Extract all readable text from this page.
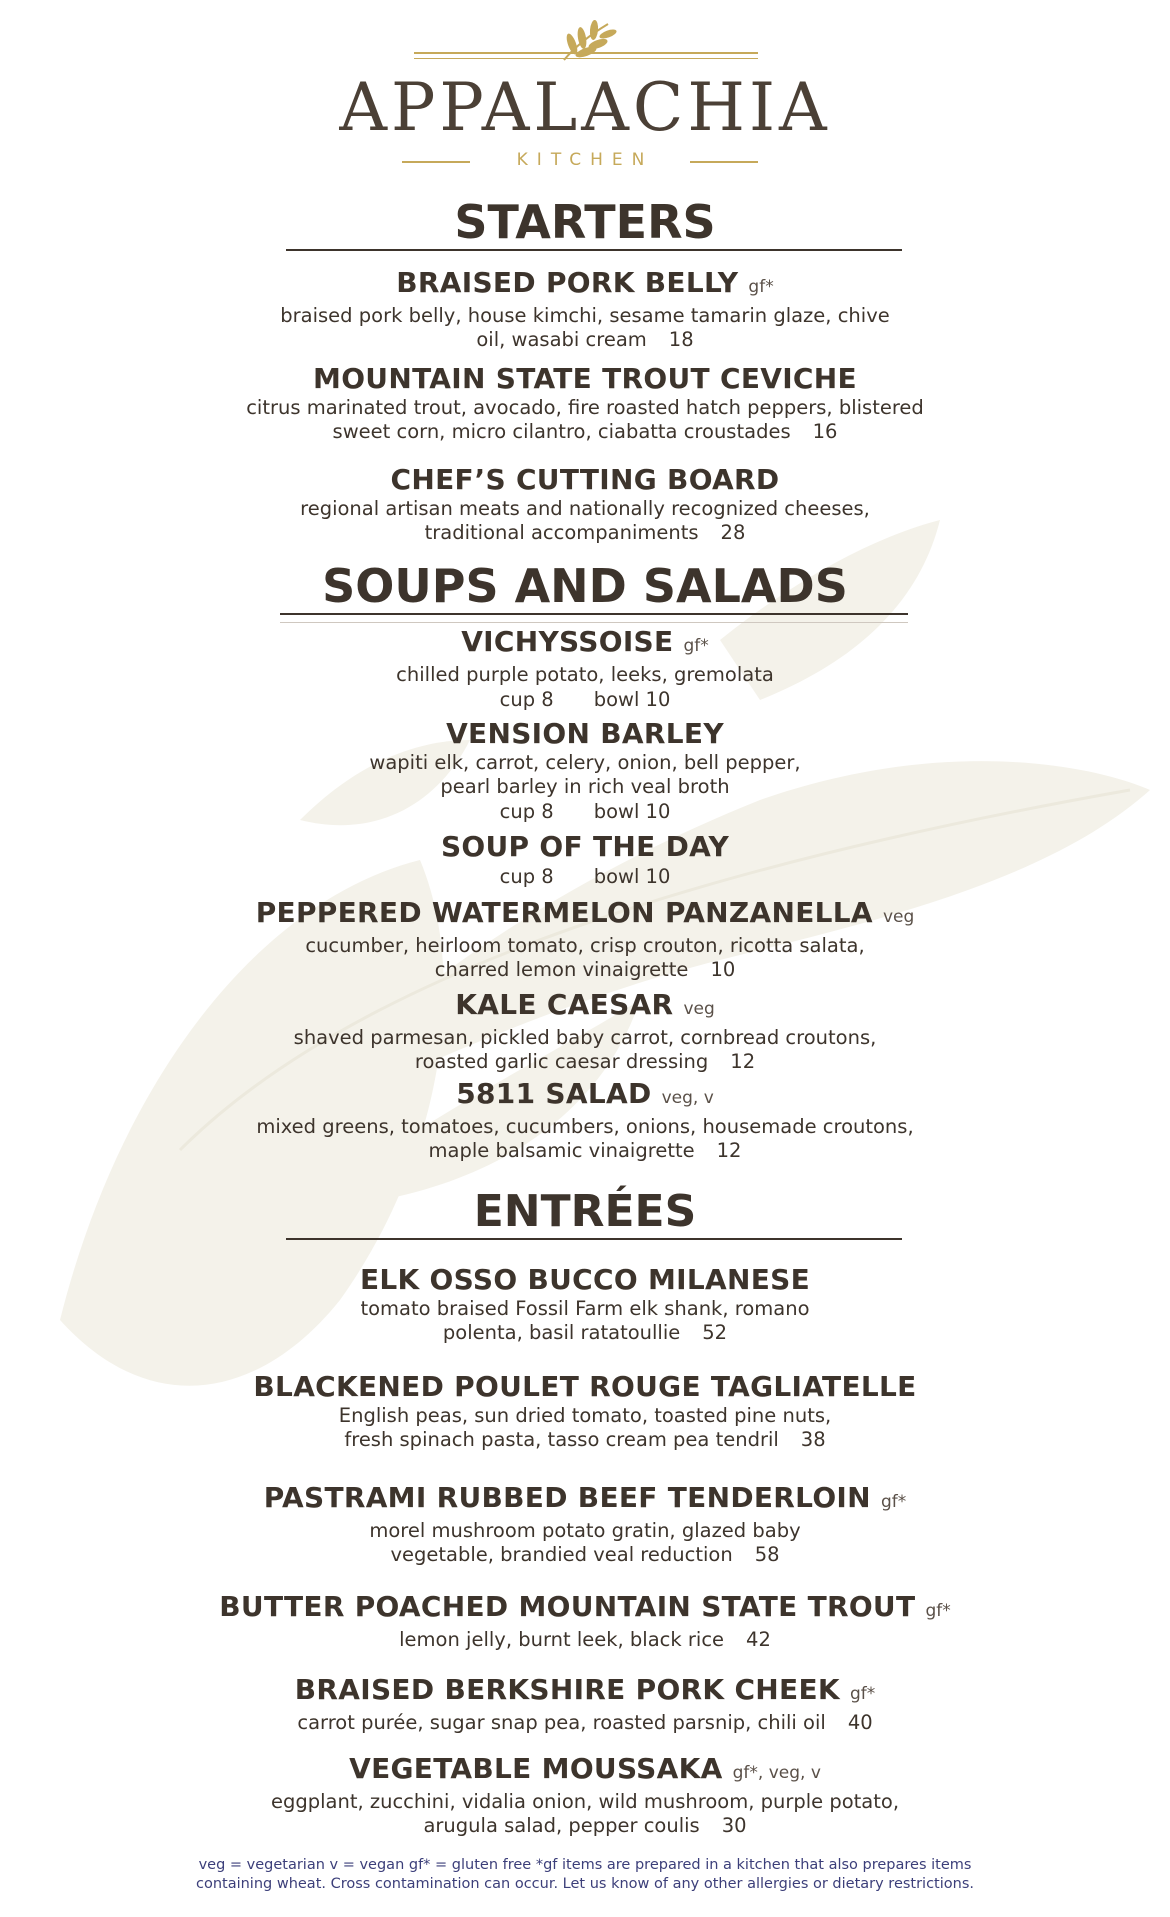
APPALACHIA
KITCHEN
STARTERS
BRAISED PORK BELLY gf*
braised pork belly, house kimchi, sesame tamarin glaze, chive
oil, wasabi cream 18
MOUNTAIN STATE TROUT CEVICHE
citrus marinated trout, avocado, fire roasted hatch peppers, blistered
sweet corn, micro cilantro, ciabatta croustades 16
CHEF’S CUTTING BOARD
regional artisan meats and nationally recognized cheeses,
traditional accompaniments 28
SOUPS AND SALADS
VICHYSSOISE gf*
chilled purple potato, leeks, gremolata
cup 8 bowl 10
VENSION BARLEY
wapiti elk, carrot, celery, onion, bell pepper,
pearl barley in rich veal broth
cup 8 bowl 10
SOUP OF THE DAY
cup 8 bowl 10
PEPPERED WATERMELON PANZANELLA veg
cucumber, heirloom tomato, crisp crouton, ricotta salata,
charred lemon vinaigrette 10
KALE CAESAR veg
shaved parmesan, pickled baby carrot, cornbread croutons,
roasted garlic caesar dressing 12
5811 SALAD veg, v
mixed greens, tomatoes, cucumbers, onions, housemade croutons,
maple balsamic vinaigrette 12
ENTRÉES
ELK OSSO BUCCO MILANESE
tomato braised Fossil Farm elk shank, romano
polenta, basil ratatoullie 52
BLACKENED POULET ROUGE TAGLIATELLE
English peas, sun dried tomato, toasted pine nuts,
fresh spinach pasta, tasso cream pea tendril 38
PASTRAMI RUBBED BEEF TENDERLOIN gf*
morel mushroom potato gratin, glazed baby
vegetable, brandied veal reduction 58
BUTTER POACHED MOUNTAIN STATE TROUT gf*
lemon jelly, burnt leek, black rice 42
BRAISED BERKSHIRE PORK CHEEK gf*
carrot purée, sugar snap pea, roasted parsnip, chili oil 40
VEGETABLE MOUSSAKA gf*, veg, v
eggplant, zucchini, vidalia onion, wild mushroom, purple potato,
arugula salad, pepper coulis 30
veg = vegetarian v = vegan gf* = gluten free *gf items are prepared in a kitchen that also prepares items
containing wheat. Cross contamination can occur. Let us know of any other allergies or dietary restrictions.
